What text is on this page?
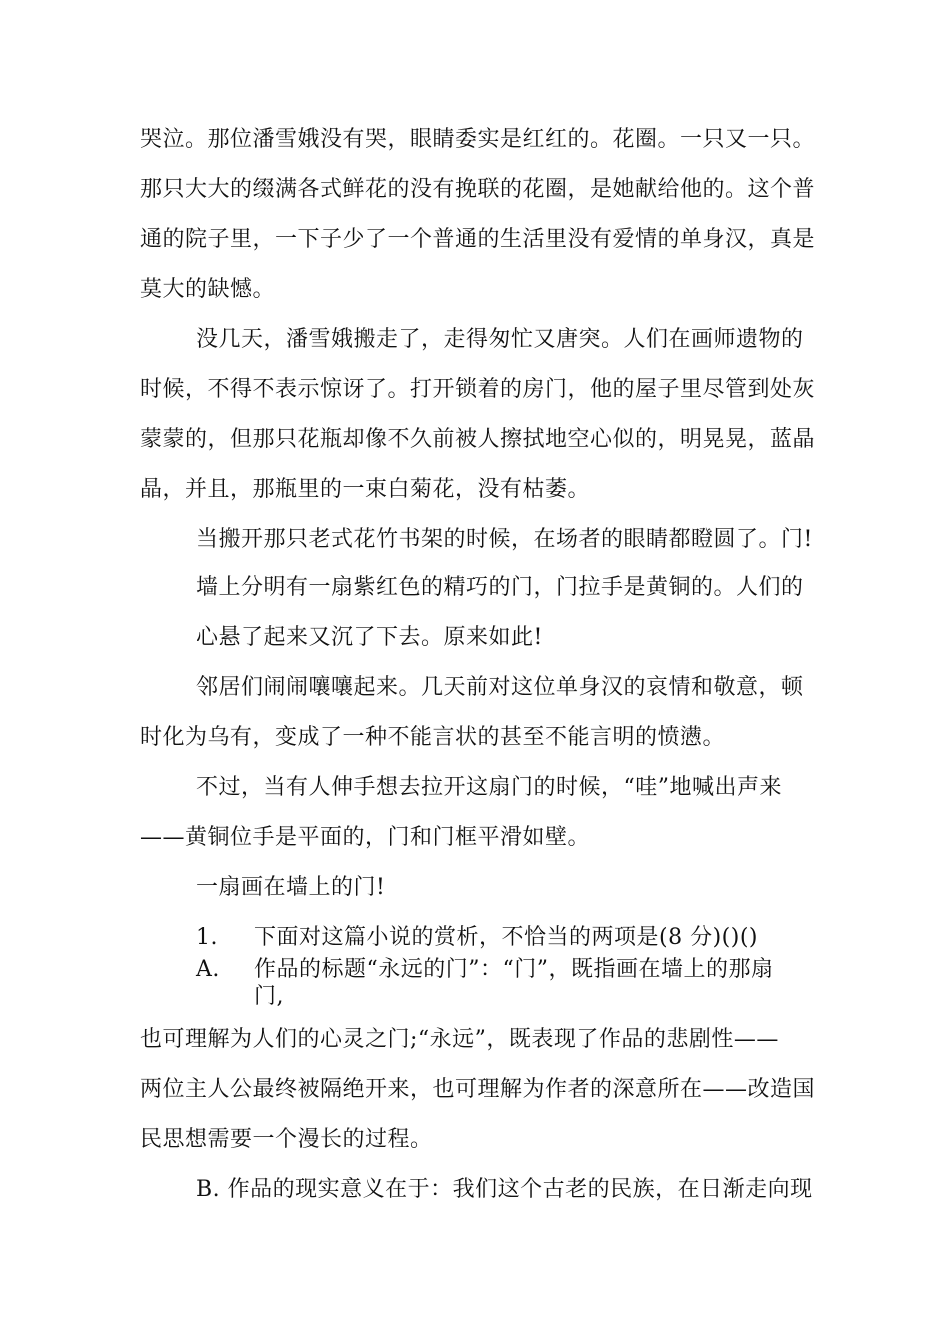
哭泣。那位潘雪娥没有哭，眼睛委实是红红的。花圈。一只又一只。

那只大大的缀满各式鲜花的没有挽联的花圈，是她献给他的。这个普

通的院子里，一下子少了一个普通的生活里没有爱情的单身汉，真是

莫大的缺憾。

没几天，潘雪娥搬走了，走得匆忙又唐突。人们在画师遗物的

时候，不得不表示惊讶了。打开锁着的房门，他的屋子里尽管到处灰

蒙蒙的，但那只花瓶却像不久前被人擦拭地空心似的，明晃晃，蓝晶

晶，并且，那瓶里的一束白菊花，没有枯萎。

当搬开那只老式花竹书架的时候，在场者的眼睛都瞪圆了。门!

墙上分明有一扇紫红色的精巧的门，门拉手是黄铜的。人们的

心悬了起来又沉了下去。原来如此!

邻居们闹闹嚷嚷起来。几天前对这位单身汉的哀情和敬意，顿

时化为乌有，变成了一种不能言状的甚至不能言明的愤懑。

不过，当有人伸手想去拉开这扇门的时候，“哇”地喊出声来

——黄铜位手是平面的，门和门框平滑如壁。

一扇画在墙上的门!

1. 下面对这篇小说的赏析，不恰当的两项是(8 分)()()

A. 作品的标题“永远的门”：“门”，既指画在墙上的那扇

门,

也可理解为人们的心灵之门;“永远”，既表现了作品的悲剧性——

两位主人公最终被隔绝开来，也可理解为作者的深意所在——改造国

民思想需要一个漫长的过程。

B. 作品的现实意义在于：我们这个古老的民族，在日渐走向现
